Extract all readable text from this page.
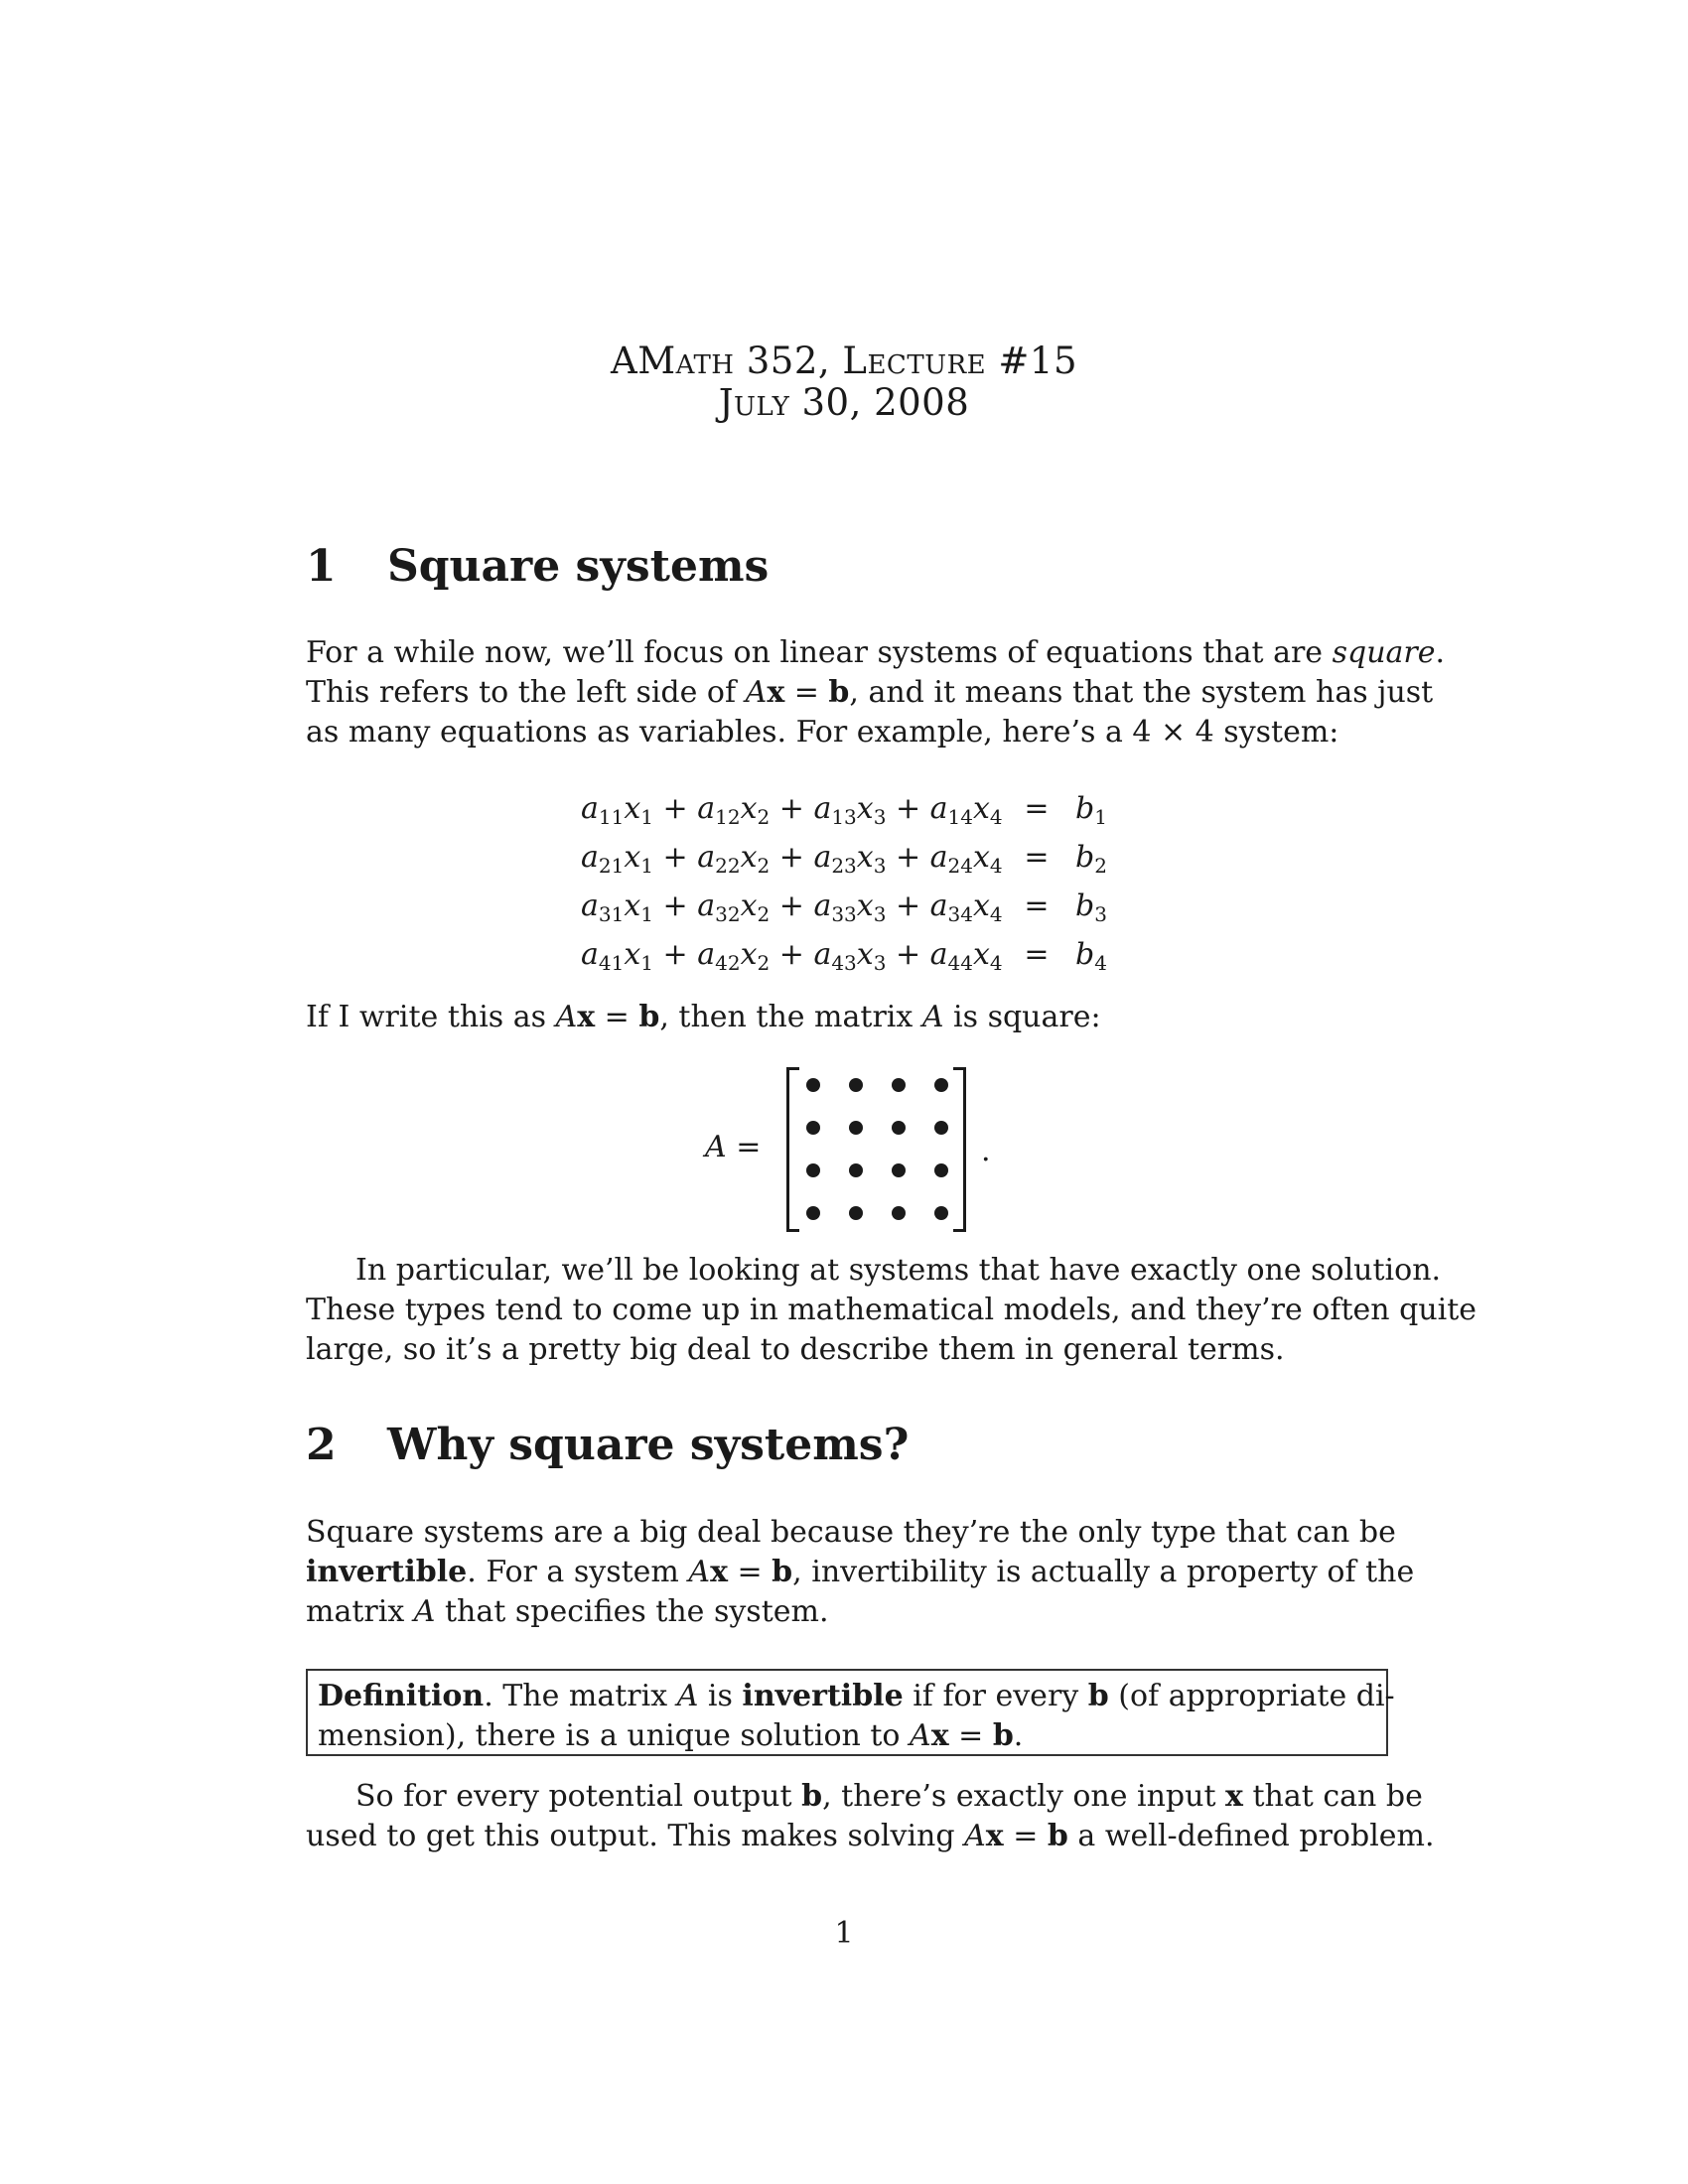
AMath 352, Lecture #15
July 30, 2008
1 Square systems
For a while now, we’ll focus on linear systems of equations that are square.
This refers to the left side of Ax = b, and it means that the system has just
as many equations as variables. For example, here’s a 4 × 4 system:
$a_{11}x_1 + a_{12}x_2 + a_{13}x_3 + a_{14}x_4 = b_1$
$a_{21}x_1 + a_{22}x_2 + a_{23}x_3 + a_{24}x_4 = b_2$
$a_{31}x_1 + a_{32}x_2 + a_{33}x_3 + a_{34}x_4 = b_3$
$a_{41}x_1 + a_{42}x_2 + a_{43}x_3 + a_{44}x_4 = b_4$
If I write this as Ax = b, then the matrix A is square:
A =	.
In particular, we’ll be looking at systems that have exactly one solution.
These types tend to come up in mathematical models, and they’re often quite
large, so it’s a pretty big deal to describe them in general terms.
2 Why square systems?
Square systems are a big deal because they’re the only type that can be
invertible. For a system Ax = b, invertibility is actually a property of the
matrix A that specifies the system.
Definition. The matrix A is invertible if for every b (of appropriate di-
mension), there is a unique solution to Ax = b.
So for every potential output b, there’s exactly one input x that can be
used to get this output. This makes solving Ax = b a well-defined problem.
1
